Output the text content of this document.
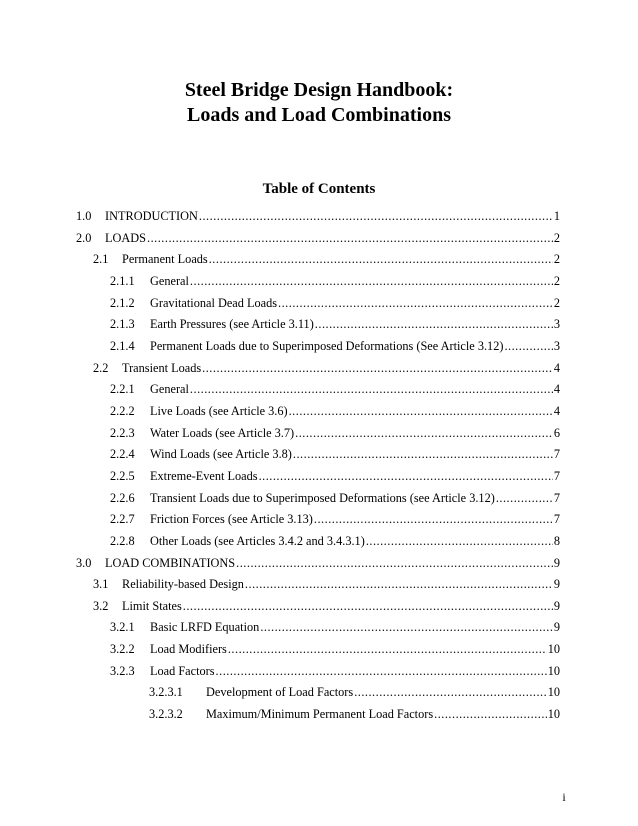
Steel Bridge Design Handbook:
Loads and Load Combinations
Table of Contents
1.0	INTRODUCTION .....	1
2.0	LOADS .....	2
2.1	Permanent Loads .....	2
2.1.1	General .....	2
2.1.2	Gravitational Dead Loads .....	2
2.1.3	Earth Pressures (see Article 3.11) .....	3
2.1.4	Permanent Loads due to Superimposed Deformations (See Article 3.12) .....	3
2.2	Transient Loads .....	4
2.2.1	General .....	4
2.2.2	Live Loads (see Article 3.6) .....	4
2.2.3	Water Loads (see Article 3.7) .....	6
2.2.4	Wind Loads (see Article 3.8) .....	7
2.2.5	Extreme-Event Loads .....	7
2.2.6	Transient Loads due to Superimposed Deformations (see Article 3.12) .....	7
2.2.7	Friction Forces (see Article 3.13) .....	7
2.2.8	Other Loads (see Articles 3.4.2 and 3.4.3.1) .....	8
3.0	LOAD COMBINATIONS .....	9
3.1	Reliability-based Design .....	9
3.2	Limit States .....	9
3.2.1	Basic LRFD Equation .....	9
3.2.2	Load Modifiers .....	10
3.2.3	Load Factors .....	10
3.2.3.1	Development of Load Factors .....	10
3.2.3.2	Maximum/Minimum Permanent Load Factors .....	10
i
